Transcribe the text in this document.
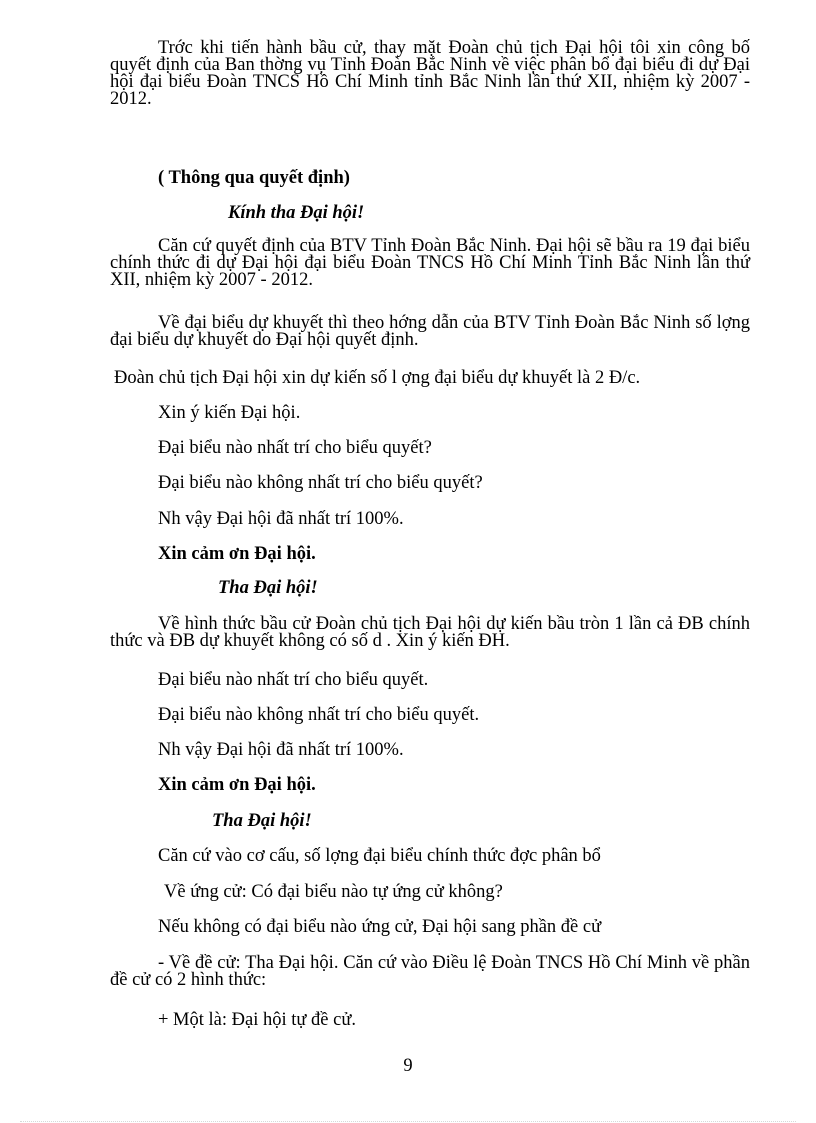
Trớc khi tiến hành bầu cử, thay mặt Đoàn chủ tịch Đại hội tôi xin công bố quyết định của Ban thờng vụ Tỉnh Đoàn Bắc Ninh về việc phân bổ đại biểu đi dự Đại hội đại biểu Đoàn TNCS Hồ Chí Minh tỉnh Bắc Ninh lần thứ XII, nhiệm kỳ 2007 - 2012.
( Thông qua quyết định)
Kính tha Đại hội!
Căn cứ quyết định của BTV Tỉnh Đoàn Bắc Ninh. Đại hội sẽ bầu ra 19 đại biểu chính thức đi dự Đại hội đại biểu Đoàn TNCS Hồ Chí Minh Tỉnh Bắc Ninh lần thứ XII, nhiệm kỳ 2007 - 2012.
Về đại biểu dự khuyết thì theo hớng dẫn của BTV Tỉnh Đoàn Bắc Ninh số lợng đại biểu dự khuyết do Đại hội quyết định.
Đoàn chủ tịch Đại hội xin dự kiến số l ợng đại biểu dự khuyết là 2 Đ/c.
Xin ý kiến Đại hội.
Đại biểu nào nhất trí cho biểu quyết?
Đại biểu nào không nhất trí cho biểu quyết?
Nh vậy Đại hội đã nhất trí 100%.
Xin cảm ơn Đại hội.
Tha Đại hội!
Về hình thức bầu cử Đoàn chủ tịch Đại hội dự kiến bầu tròn 1 lần cả ĐB chính thức và ĐB dự khuyết không có số d . Xin ý kiến ĐH.
Đại biểu nào nhất trí cho biểu quyết.
Đại biểu nào không nhất trí cho biểu quyết.
Nh vậy Đại hội đã nhất trí 100%.
Xin cảm ơn Đại hội.
Tha Đại hội!
Căn cứ vào cơ cấu, số lợng đại biểu chính thức đợc phân bổ
Về ứng cử: Có đại biểu nào tự ứng cử không?
Nếu không có đại biểu nào ứng cử, Đại hội sang phần đề cử
- Về đề cử: Tha Đại hội. Căn cứ vào Điều lệ Đoàn TNCS Hồ Chí Minh về phần đề cử có 2 hình thức:
+ Một là: Đại hội tự đề cử.
9
